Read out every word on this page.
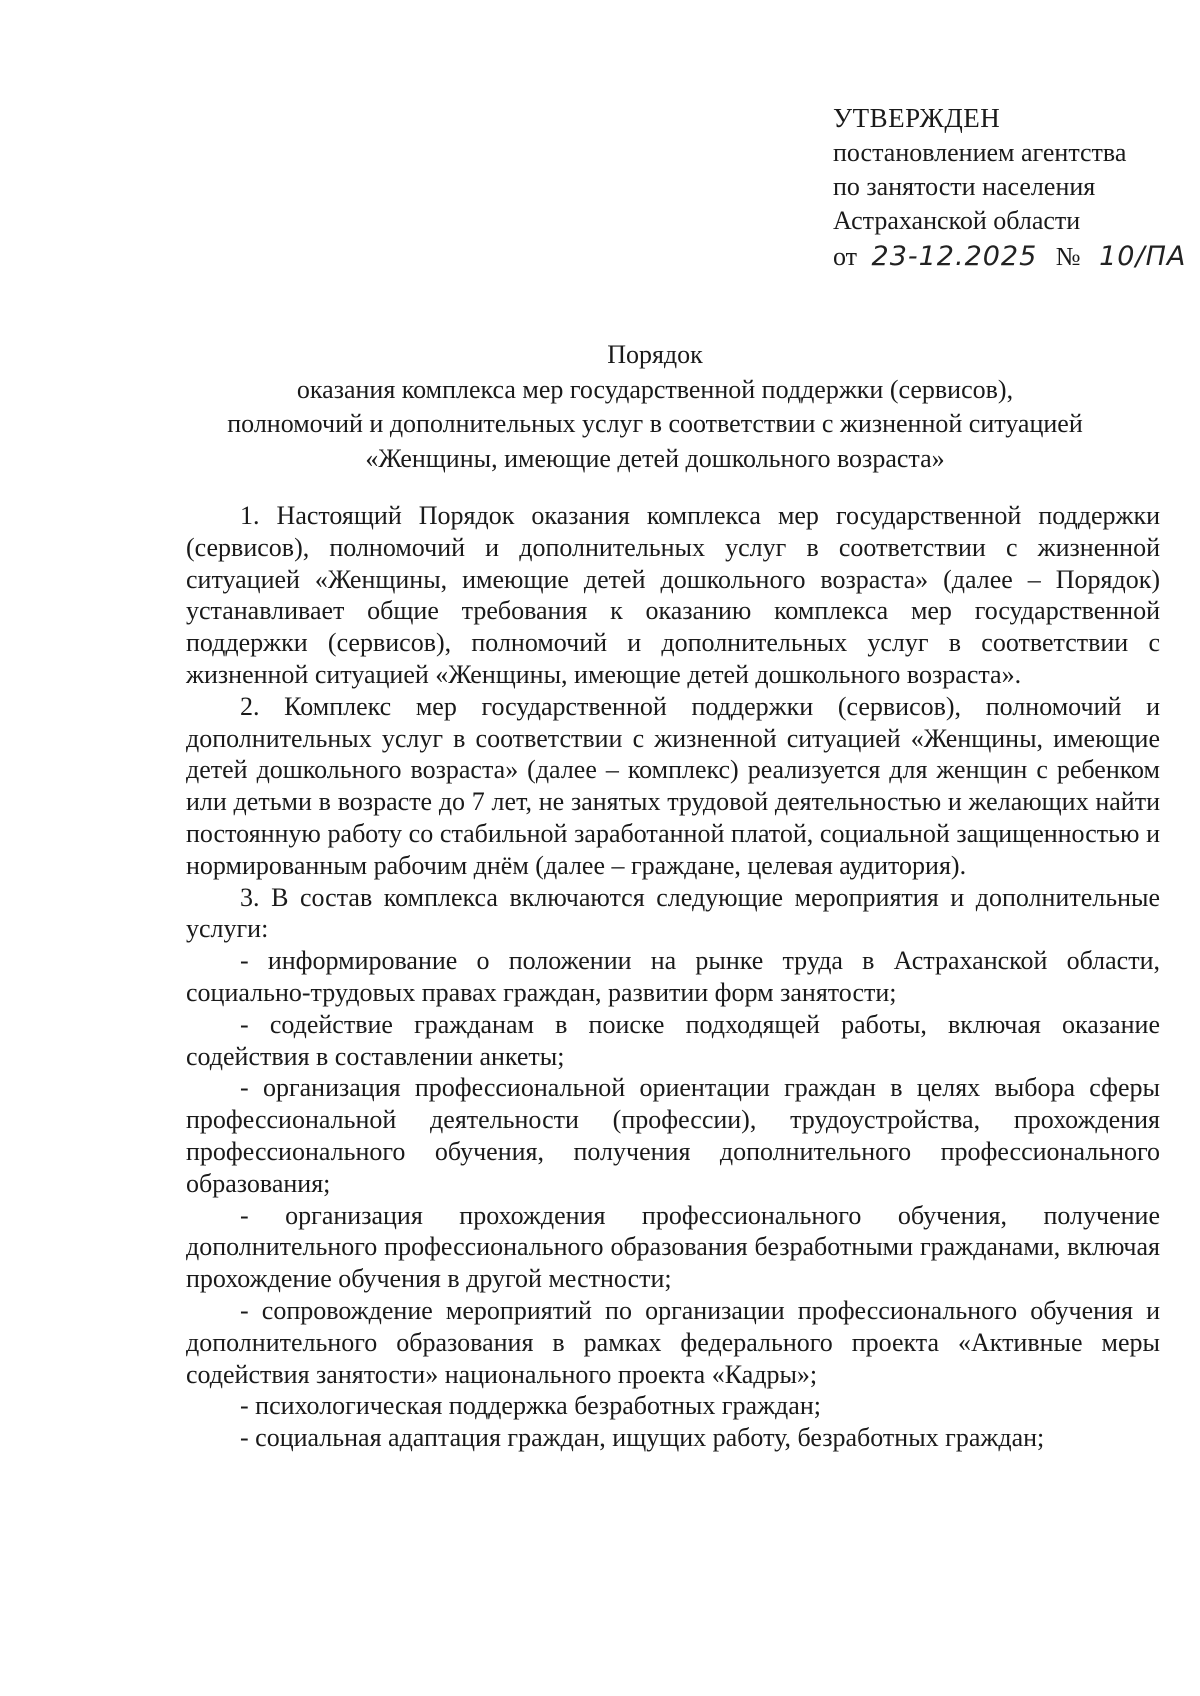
УТВЕРЖДЕН
постановлением агентства
по занятости населения
Астраханской области
от 23-12.2025 № 10/ПА
Порядок
оказания комплекса мер государственной поддержки (сервисов),
полномочий и дополнительных услуг в соответствии с жизненной ситуацией
«Женщины, имеющие детей дошкольного возраста»

1. Настоящий Порядок оказания комплекса мер государственной поддержки (сервисов), полномочий и дополнительных услуг в соответствии с жизненной ситуацией «Женщины, имеющие детей дошкольного возраста» (далее – Порядок) устанавливает общие требования к оказанию комплекса мер государственной поддержки (сервисов), полномочий и дополнительных услуг в соответствии с жизненной ситуацией «Женщины, имеющие детей дошкольного возраста».

2. Комплекс мер государственной поддержки (сервисов), полномочий и дополнительных услуг в соответствии с жизненной ситуацией «Женщины, имеющие детей дошкольного возраста» (далее – комплекс) реализуется для женщин с ребенком или детьми в возрасте до 7 лет, не занятых трудовой деятельностью и желающих найти постоянную работу со стабильной заработанной платой, социальной защищенностью и нормированным рабочим днём (далее – граждане, целевая аудитория).

3. В состав комплекса включаются следующие мероприятия и дополнительные услуги:

- информирование о положении на рынке труда в Астраханской области, социально-трудовых правах граждан, развитии форм занятости;

- содействие гражданам в поиске подходящей работы, включая оказание содействия в составлении анкеты;

- организация профессиональной ориентации граждан в целях выбора сферы профессиональной деятельности (профессии), трудоустройства, прохождения профессионального обучения, получения дополнительного профессионального образования;

- организация прохождения профессионального обучения, получение дополнительного профессионального образования безработными гражданами, включая прохождение обучения в другой местности;

- сопровождение мероприятий по организации профессионального обучения и дополнительного образования в рамках федерального проекта «Активные меры содействия занятости» национального проекта «Кадры»;

- психологическая поддержка безработных граждан;

- социальная адаптация граждан, ищущих работу, безработных граждан;
